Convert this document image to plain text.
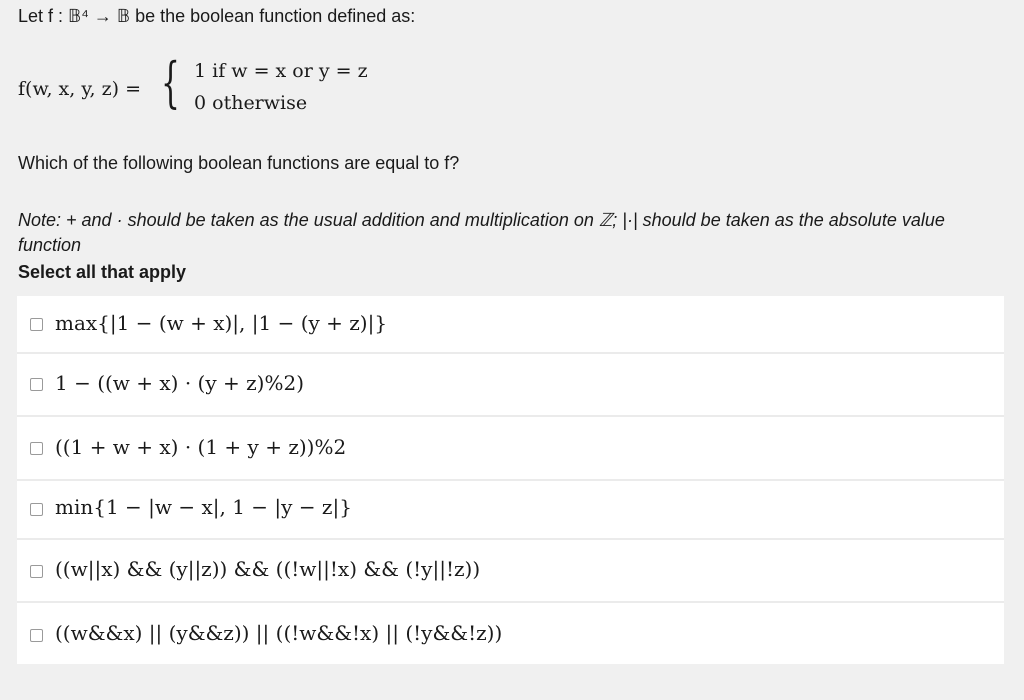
Let f : 𝔹⁴ → 𝔹 be the boolean function defined as:
f(w, x, y, z) = { 1 if w = x or y = z
0 otherwise
Which of the following boolean functions are equal to f?
Note: + and · should be taken as the usual addition and multiplication on ℤ; |·| should be taken as the absolute value function
Select all that apply
max{|1 − (w + x)|, |1 − (y + z)|}
1 − ((w + x) · (y + z)%2)
((1 + w + x) · (1 + y + z))%2
min{1 − |w − x|, 1 − |y − z|}
((w||x) && (y||z)) && ((!w||!x) && (!y||!z))
((w&&x) || (y&&z)) || ((!w&&!x) || (!y&&!z))
